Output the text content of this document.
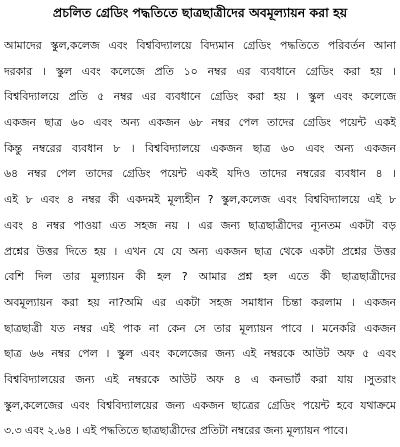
প্রচলিত গ্রেডিং পদ্ধতিতে ছাত্রছাত্রীদের অবমূল্যায়ন করা হয়
আমাদের স্কুল,কলেজ এবং বিশ্ববিদ্যালয়ে বিদ্যমান গ্রেডিং পদ্ধতিতে পরিবর্তন আনা
দরকার । স্কুল এবং কলেজে প্রতি ১০ নম্বর এর ব্যবধানে গ্রেডিং করা হয় ।
বিশ্ববিদ্যালয়ে প্রতি ৫ নম্বর এর ব্যবধানে গ্রেডিং করা হয় । স্কুল এবং কলেজে
একজন ছাত্র ৬০ এবং অন্য একজন ৬৮ নম্বর পেল তাদের গ্রেডিং পয়েন্ট একই
কিন্তু নম্বরের ব্যবধান ৮ । বিশ্ববিদ্যালয়ে একজন ছাত্র ৬০ এবং অন্য একজন
৬৪ নম্বর পেল তাদের গ্রেডিং পয়েন্ট একই যদিও তাদের নম্বরের ব্যবধান ৪ ।
এই ৮ এবং ৪ নম্বর কী একদমই মূল্যহীন ? স্কুল,কলেজ এবং বিশ্ববিদ্যালয়ে এই ৮
এবং ৪ নম্বর পাওয়া এত সহজ নয় । এর জন্য ছাত্রছাত্রীদের ন্যূনতম একটা বড়
প্রশ্নের উত্তর দিতে হয় । এখন যে যে অন্য একজন ছাত্র থেকে একটা প্রশ্নের উত্তর
বেশি দিল তার মূল্যায়ন কী হল ? আমার প্রশ্ন হল এতে কী ছাত্রছাত্রীদের
অবমূল্যায়ন করা হয় না?অমি এর একটা সহজ সমাধান চিন্তা করলাম । একজন
ছাত্রছাত্রী যত নম্বর এই পাক না কেন সে তার মূল্যায়ন পাবে । মনেকরি একজন
ছাত্র ৬৬ নম্বর পেল । স্কুল এবং কলেজের জন্য এই নম্বরকে আউট অফ ৫ এবং
বিশ্ববিদ্যালয়ের জন্য এই নম্বরকে আউট অফ ৪ এ কনভার্ট করা যায় ।সুতরাং
স্কুল,কলেজের এবং বিশ্ববিদ্যালয়ের জন্য একজন ছাত্রের গ্রেডিং পয়েন্ট হবে যথাক্রমে
৩.৩ এবং ২.৬৪ । এই পদ্ধতিতে ছাত্রছাত্রীদের প্রতিটা নম্বরের জন্য মূল্যায়ন পাবে।
